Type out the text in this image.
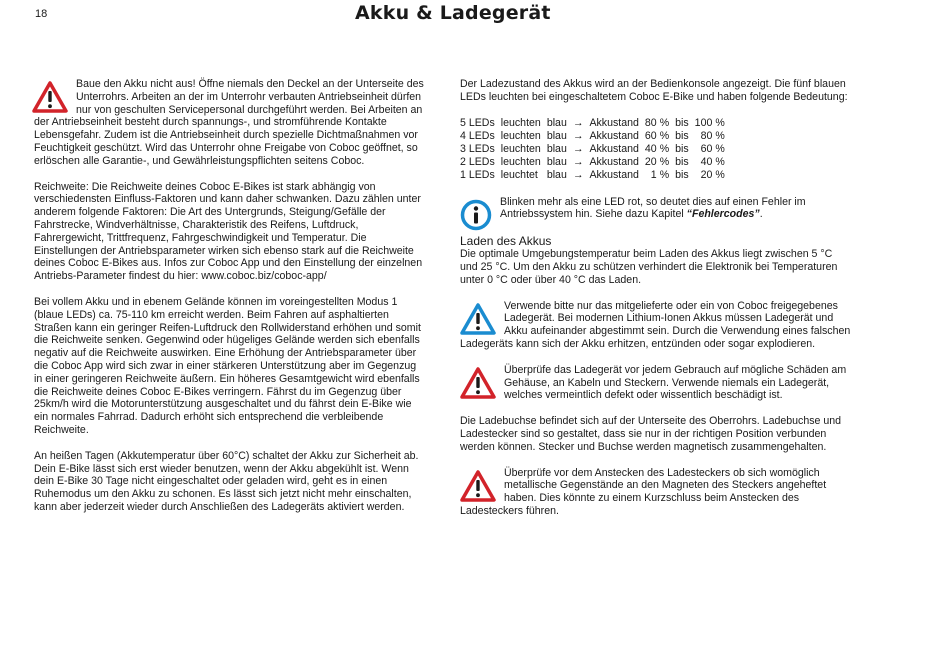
18	Akku & Ladegerät

Baue den Akku nicht aus! Öffne niemals den Deckel an der Unterseite des Unterrohrs. Arbeiten an der im Unterrohr verbauten Antriebseinheit dürfen nur von geschulten Servicepersonal durchgeführt werden. Bei Arbeiten an der Antriebseinheit besteht durch spannungs-, und stromführende Kontakte Lebensgefahr. Zudem ist die Antriebseinheit durch spezielle Dichtmaßnahmen vor Feuchtigkeit geschützt. Wird das Unterrohr ohne Freigabe von Coboc geöffnet, so erlöschen alle Garantie-, und Gewährleistungspflichten seitens Coboc.

Reichweite: Die Reichweite deines Coboc E-Bikes ist stark abhängig von verschiedensten Einfluss-Faktoren und kann daher schwanken. Dazu zählen unter anderem folgende Faktoren: Die Art des Untergrunds, Steigung/Gefälle der Fahrstrecke, Windverhältnisse, Charakteristik des Reifens, Luftdruck, Fahrergewicht, Trittfrequenz, Fahrgeschwindigkeit und Temperatur. Die Einstellungen der Antriebsparameter wirken sich ebenso stark auf die Reichweite deines Coboc E-Bikes aus. Infos zur Coboc App und den Einstellung der einzelnen Antriebs-Parameter findest du hier: www.coboc.biz/coboc-app/

Bei vollem Akku und in ebenem Gelände können im voreingestellten Modus 1 (blaue LEDs) ca. 75-110 km erreicht werden. Beim Fahren auf asphaltierten Straßen kann ein geringer Reifen-Luftdruck den Rollwiderstand erhöhen und somit die Reichweite senken. Gegenwind oder hügeliges Gelände werden sich ebenfalls negativ auf die Reichweite auswirken. Eine Erhöhung der Antriebsparameter über die Coboc App wird sich zwar in einer stärkeren Unterstützung aber im Gegenzug in einer geringeren Reichweite äußern. Ein höheres Gesamtgewicht wird ebenfalls die Reichweite deines Coboc E-Bikes verringern. Fährst du im Gegenzug über 25km/h wird die Motorunterstützung ausgeschaltet und du fährst dein E-Bike wie ein normales Fahrrad. Dadurch erhöht sich entsprechend die verbleibende Reichweite.

An heißen Tagen (Akkutemperatur über 60°C) schaltet der Akku zur Sicherheit ab. Dein E-Bike lässt sich erst wieder benutzen, wenn der Akku abgekühlt ist. Wenn dein E-Bike 30 Tage nicht eingeschaltet oder geladen wird, geht es in einen Ruhemodus um den Akku zu schonen. Es lässt sich jetzt nicht mehr einschalten, kann aber jederzeit wieder durch Anschließen des Ladegeräts aktiviert werden.

Der Ladezustand des Akkus wird an der Bedienkonsole angezeigt. Die fünf blauen LEDs leuchten bei eingeschaltetem Coboc E-Bike und haben folgende Bedeutung:

5 LEDs	leuchten	blau	→	Akkustand	80	%	bis	100	%
4 LEDs	leuchten	blau	→	Akkustand	60	%	bis	80	%
3 LEDs	leuchten	blau	→	Akkustand	40	%	bis	60	%
2 LEDs	leuchten	blau	→	Akkustand	20	%	bis	40	%
1 LEDs	leuchtet	blau	→	Akkustand	1	%	bis	20	%

Blinken mehr als eine LED rot, so deutet dies auf einen Fehler im Antriebssystem hin. Siehe dazu Kapitel “Fehlercodes”.

Laden des Akkus

Die optimale Umgebungstemperatur beim Laden des Akkus liegt zwischen 5 °C und 25 °C. Um den Akku zu schützen verhindert die Elektronik bei Temperaturen unter 0 °C oder über 40 °C das Laden.

Verwende bitte nur das mitgelieferte oder ein von Coboc freigegebenes Ladegerät. Bei modernen Lithium-Ionen Akkus müssen Ladegerät und Akku aufeinander abgestimmt sein. Durch die Verwendung eines falschen Ladegeräts kann sich der Akku erhitzen, entzünden oder sogar explodieren.

Überprüfe das Ladegerät vor jedem Gebrauch auf mögliche Schäden am Gehäuse, an Kabeln und Steckern. Verwende niemals ein Ladegerät, welches vermeintlich defekt oder wissentlich beschädigt ist.

Die Ladebuchse befindet sich auf der Unterseite des Oberrohrs. Ladebuchse und Ladestecker sind so gestaltet, dass sie nur in der richtigen Position verbunden werden können. Stecker und Buchse werden magnetisch zusammengehalten.

Überprüfe vor dem Anstecken des Ladesteckers ob sich womöglich metallische Gegenstände an den Magneten des Steckers angeheftet haben. Dies könnte zu einem Kurzschluss beim Anstecken des Ladesteckers führen.
